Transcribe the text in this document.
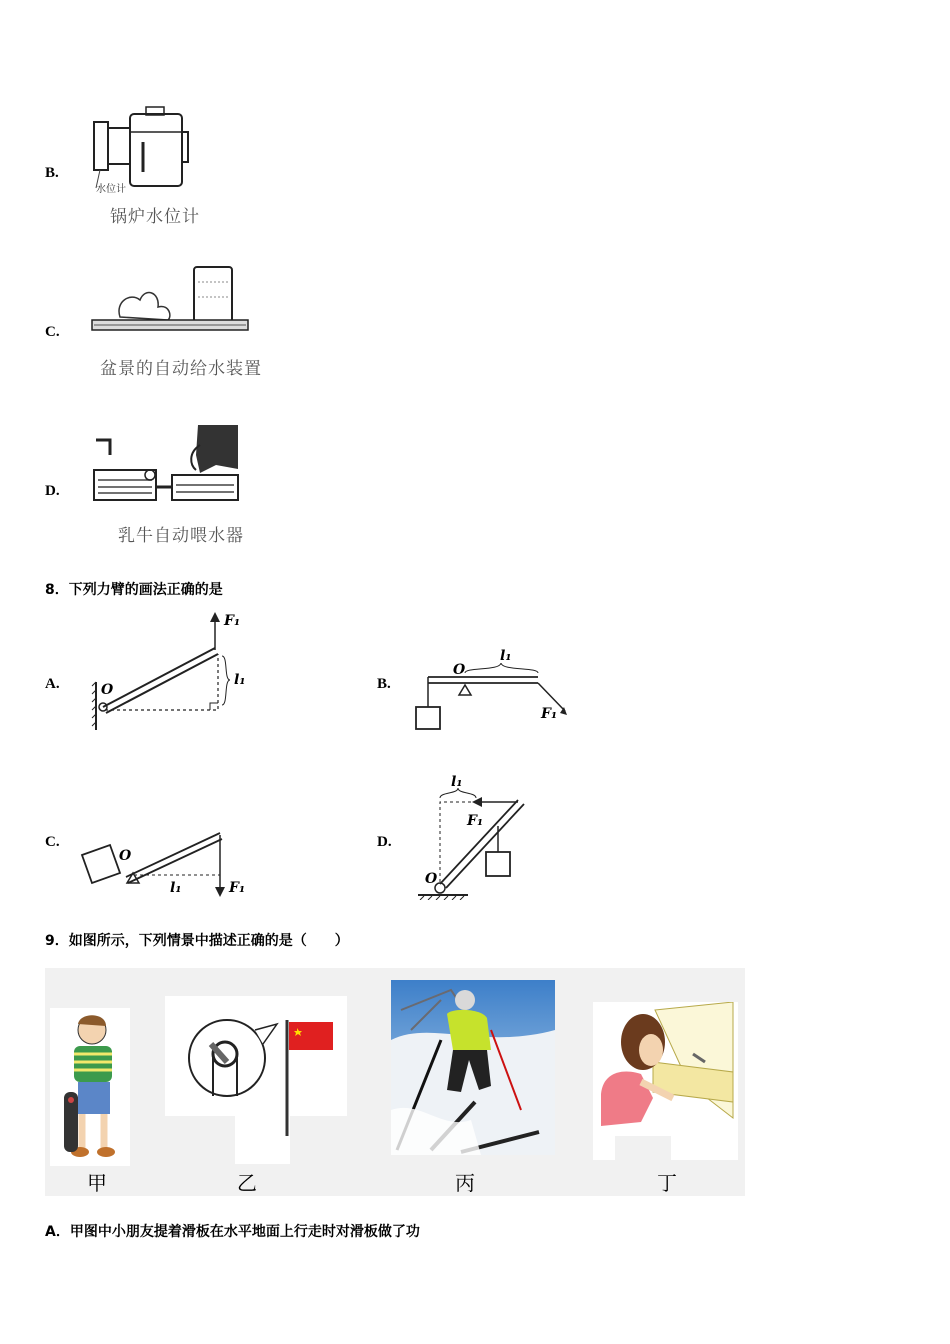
B.
水位计
锅炉水位计
C.
盆景的自动给水装置
D.
乳牛自动喂水器
8．下列力臂的画法正确的是
A.
F₁
l₁
O	B.
O
l₁
F₁
C.
O
l₁	F₁
D.
l₁
F₁
O
9．如图所示，下列情景中描述正确的是（　　）
甲	乙	丙	丁
A．甲图中小朋友提着滑板在水平地面上行走时对滑板做了功
